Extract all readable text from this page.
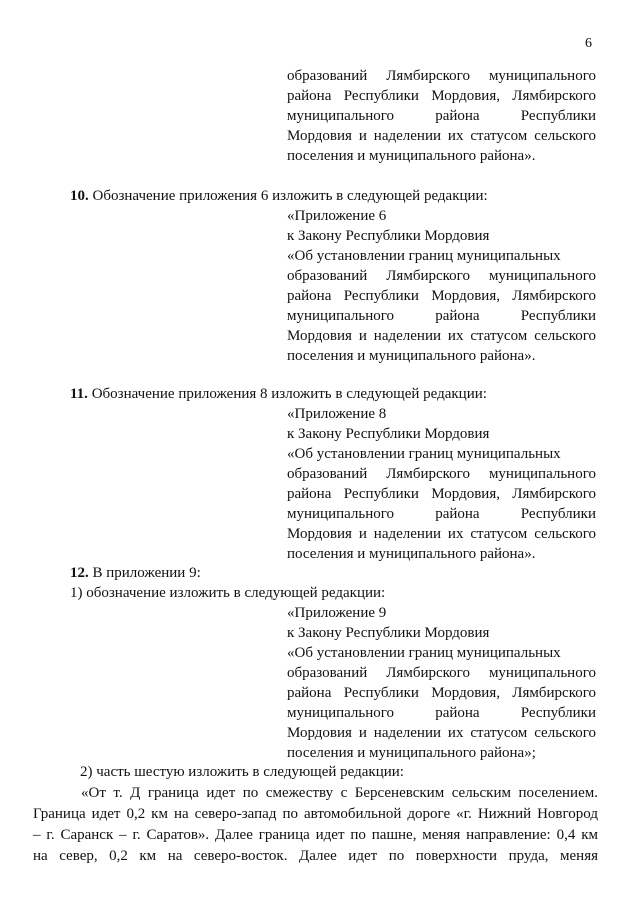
6
образований Лямбирского муниципального
района Республики Мордовия, Лямбирского
муниципального района Республики
Мордовия и наделении их статусом сельского
поселения и муниципального района».
10. Обозначение приложения 6 изложить в следующей редакции:
«Приложение 6
к Закону Республики Мордовия
«Об установлении границ муниципальных
образований Лямбирского муниципального
района Республики Мордовия, Лямбирского
муниципального района Республики
Мордовия и наделении их статусом сельского
поселения и муниципального района».
11. Обозначение приложения 8 изложить в следующей редакции:
«Приложение 8
к Закону Республики Мордовия
«Об установлении границ муниципальных
образований Лямбирского муниципального
района Республики Мордовия, Лямбирского
муниципального района Республики
Мордовия и наделении их статусом сельского
поселения и муниципального района».
12. В приложении 9:
1) обозначение изложить в следующей редакции:
«Приложение 9
к Закону Республики Мордовия
«Об установлении границ муниципальных
образований Лямбирского муниципального
района Республики Мордовия, Лямбирского
муниципального района Республики
Мордовия и наделении их статусом сельского
поселения и муниципального района»;
2) часть шестую изложить в следующей редакции:
«От т. Д граница идет по смежеству с Берсеневским сельским поселением.
Граница идет 0,2 км на северо-запад по автомобильной дороге «г. Нижний Новгород
– г. Саранск – г. Саратов». Далее граница идет по пашне, меняя направление: 0,4 км
на север, 0,2 км на северо-восток. Далее идет по поверхности пруда, меняя
